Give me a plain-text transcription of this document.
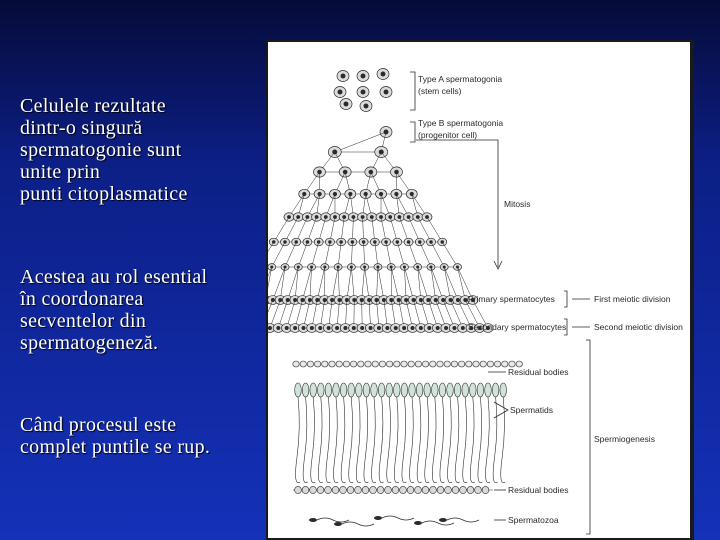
Celulele rezultate
dintr-o singură
spermatogonie sunt
unite prin
punti citoplasmatice
Acestea au rol esential
în coordonarea
secventelor din
spermatogeneză.
Când procesul este
complet puntile se rup.
Type A spermatogonia
(stem cells)
Type B spermatogonia
(progenitor cell)
Mitosis
Primary spermatocytes	First meiotic division
Secondary spermatocytes	Second meiotic division
Residual bodies
Spermatids
Spermiogenesis
Residual bodies
Spermatozoa
